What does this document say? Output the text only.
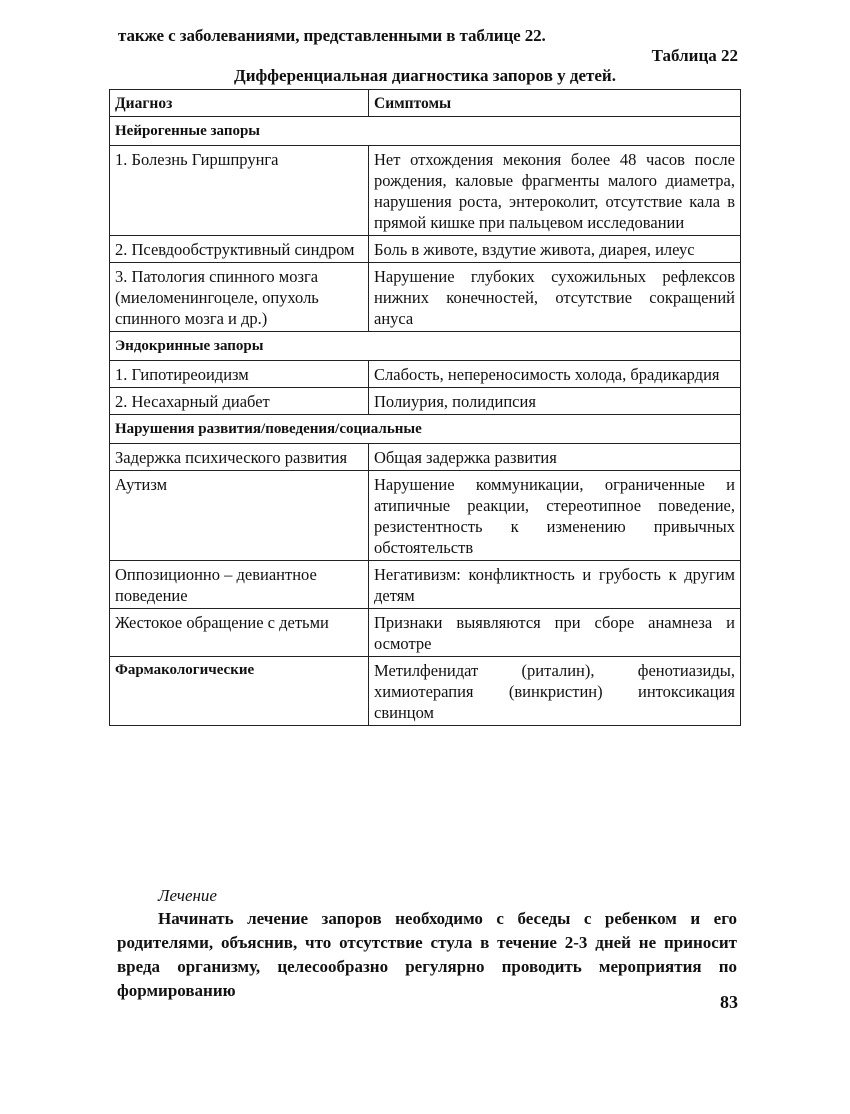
также с заболеваниями, представленными в таблице 22.
Таблица 22
Дифференциальная диагностика запоров у детей.
Диагноз	Симптомы
Нейрогенные запоры	
1. Болезнь Гиршпрунга	Нет отхождения мекония более 48 часов после рождения, каловые фрагменты малого диаметра, нарушения роста, энтероколит, отсутствие кала в прямой кишке при пальцевом исследовании
2. Псевдообструктивный синдром	Боль в животе, вздутие живота, диарея, илеус
3. Патология спинного мозга (миеломенингоцеле, опухоль спинного мозга и др.)	Нарушение глубоких сухожильных рефлексов нижних конечностей, отсутствие сокращений ануса
Эндокринные запоры	
1. Гипотиреоидизм	Слабость, непереносимость холода, брадикардия
2. Несахарный диабет	Полиурия, полидипсия
Нарушения развития/поведения/социальные	
Задержка психического развития	Общая задержка развития
Аутизм	Нарушение коммуникации, ограниченные и атипичные реакции, стереотипное поведение, резистентность к изменению привычных обстоятельств
Оппозиционно – девиантное поведение	Негативизм: конфликтность и грубость к другим детям
Жестокое обращение с детьми	Признаки выявляются при сборе анамнеза и осмотре
Фармакологические	Метилфенидат (риталин), фенотиазиды, химиотерапия (винкристин) интоксикация свинцом
Лечение
Начинать лечение запоров необходимо с беседы с ребенком и его родителями, объяснив, что отсутствие стула в течение 2-3 дней не приносит вреда организму, целесообразно регулярно проводить мероприятия по формированию
83
